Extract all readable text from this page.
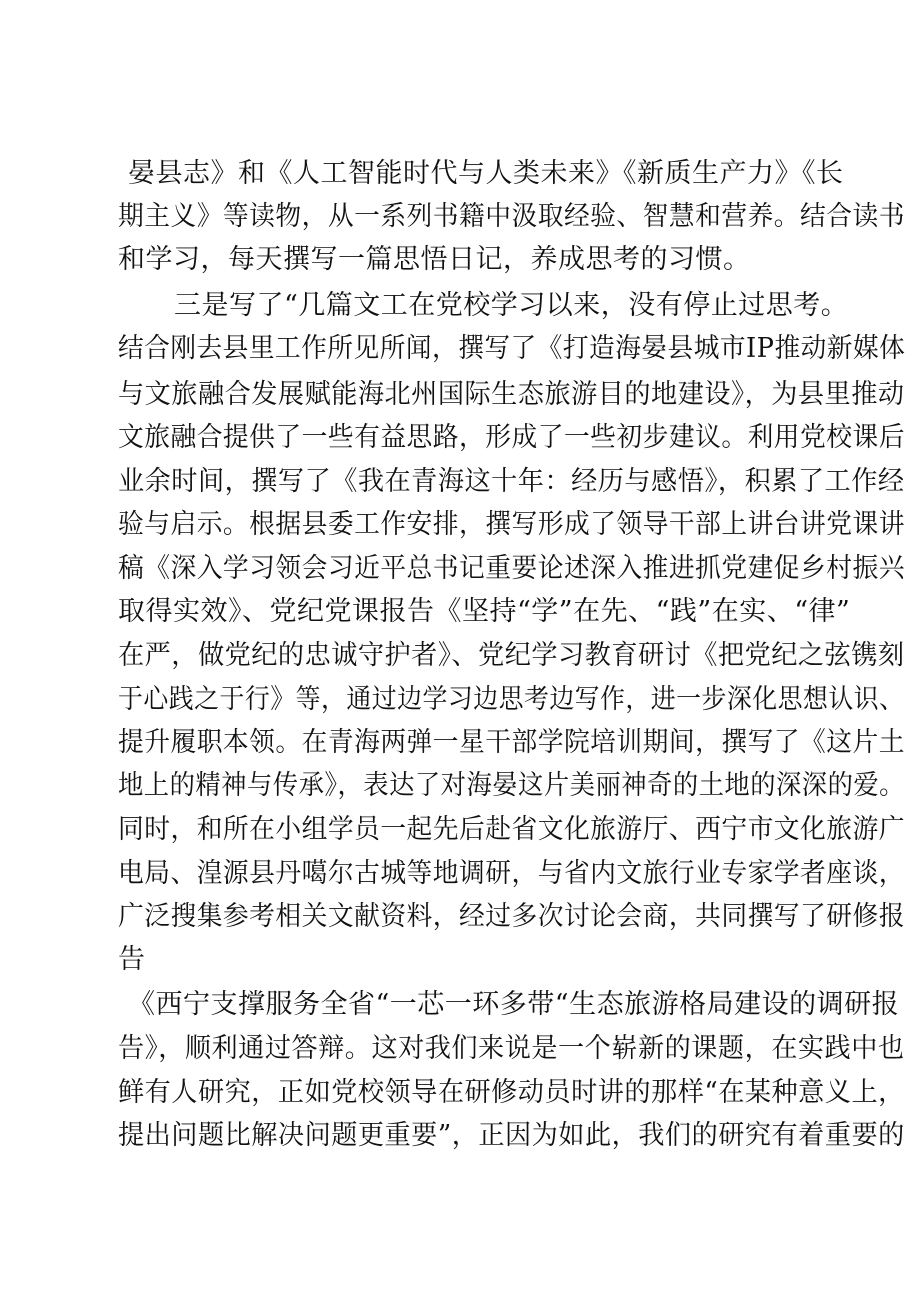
晏县志》和《人工智能时代与人类未来》《新质生产力》《长
期主义》等读物，从一系列书籍中汲取经验、智慧和营养。结合读书
和学习，每天撰写一篇思悟日记，养成思考的习惯。
三是写了“几篇文工在党校学习以来，没有停止过思考。
结合刚去县里工作所见所闻，撰写了《打造海晏县城市IP推动新媒体
与文旅融合发展赋能海北州国际生态旅游目的地建设》，为县里推动
文旅融合提供了一些有益思路，形成了一些初步建议。利用党校课后
业余时间，撰写了《我在青海这十年：经历与感悟》，积累了工作经
验与启示。根据县委工作安排，撰写形成了领导干部上讲台讲党课讲
稿《深入学习领会习近平总书记重要论述深入推进抓党建促乡村振兴
取得实效》、党纪党课报告《坚持“学”在先、“践”在实、“律”
在严，做党纪的忠诚守护者》、党纪学习教育研讨《把党纪之弦镌刻
于心践之于行》等，通过边学习边思考边写作，进一步深化思想认识、
提升履职本领。在青海两弹一星干部学院培训期间，撰写了《这片土
地上的精神与传承》，表达了对海晏这片美丽神奇的土地的深深的爱。
同时，和所在小组学员一起先后赴省文化旅游厅、西宁市文化旅游广
电局、湟源县丹噶尔古城等地调研，与省内文旅行业专家学者座谈，
广泛搜集参考相关文献资料，经过多次讨论会商，共同撰写了研修报
告
《西宁支撑服务全省“一芯一环多带“生态旅游格局建设的调研报
告》，顺利通过答辩。这对我们来说是一个崭新的课题，在实践中也
鲜有人研究，正如党校领导在研修动员时讲的那样“在某种意义上，
提出问题比解决问题更重要”，正因为如此，我们的研究有着重要的
